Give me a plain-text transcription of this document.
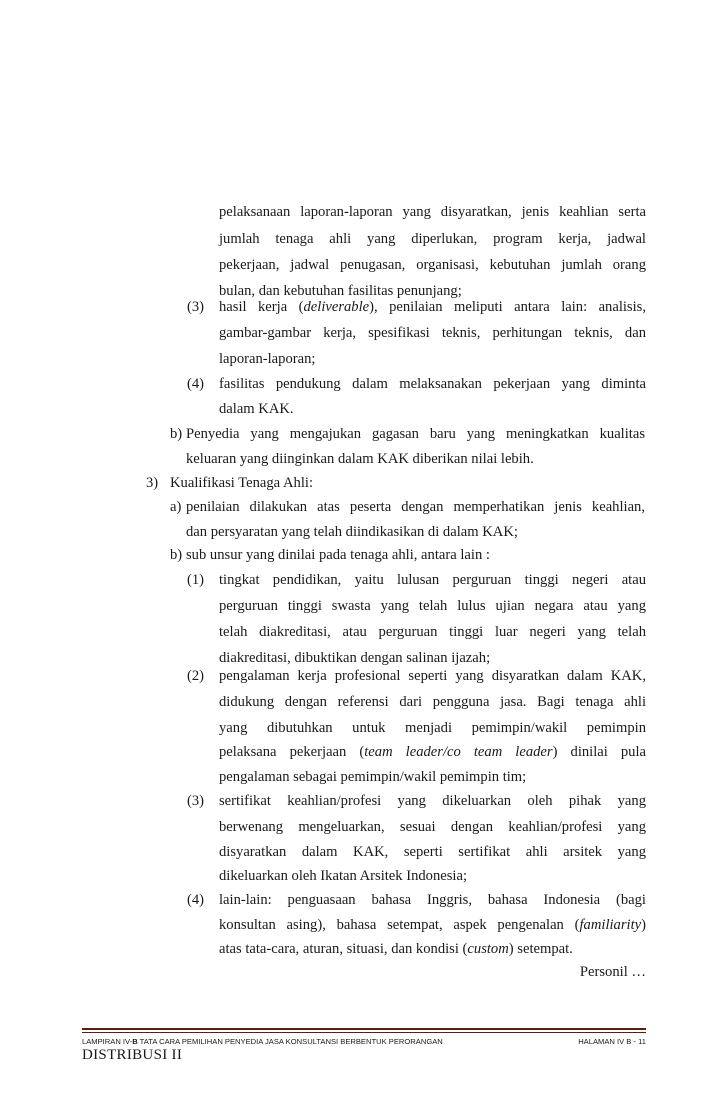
pelaksanaan laporan-laporan yang disyaratkan, jenis keahlian serta
jumlah tenaga ahli yang diperlukan, program kerja, jadwal
pekerjaan, jadwal penugasan, organisasi, kebutuhan jumlah orang
bulan, dan kebutuhan fasilitas penunjang;
(3) hasil kerja (deliverable), penilaian meliputi antara lain: analisis,
gambar-gambar kerja, spesifikasi teknis, perhitungan teknis, dan
laporan-laporan;
(4) fasilitas pendukung dalam melaksanakan pekerjaan yang diminta
dalam KAK.
b) Penyedia yang mengajukan gagasan baru yang meningkatkan kualitas
keluaran yang diinginkan dalam KAK diberikan nilai lebih.
3) Kualifikasi Tenaga Ahli:
a) penilaian dilakukan atas peserta dengan memperhatikan jenis keahlian,
dan persyaratan yang telah diindikasikan di dalam KAK;
b) sub unsur yang dinilai pada tenaga ahli, antara lain :
(1) tingkat pendidikan, yaitu lulusan perguruan tinggi negeri atau
perguruan tinggi swasta yang telah lulus ujian negara atau yang
telah diakreditasi, atau perguruan tinggi luar negeri yang telah
diakreditasi, dibuktikan dengan salinan ijazah;
(2) pengalaman kerja profesional seperti yang disyaratkan dalam KAK,
didukung dengan referensi dari pengguna jasa. Bagi tenaga ahli
yang dibutuhkan untuk menjadi pemimpin/wakil pemimpin
pelaksana pekerjaan (team leader/co team leader) dinilai pula
pengalaman sebagai pemimpin/wakil pemimpin tim;
(3) sertifikat keahlian/profesi yang dikeluarkan oleh pihak yang
berwenang mengeluarkan, sesuai dengan keahlian/profesi yang
disyaratkan dalam KAK, seperti sertifikat ahli arsitek yang
dikeluarkan oleh Ikatan Arsitek Indonesia;
(4) lain-lain: penguasaan bahasa Inggris, bahasa Indonesia (bagi
konsultan asing), bahasa setempat, aspek pengenalan (familiarity)
atas tata-cara, aturan, situasi, dan kondisi (custom) setempat.
Personil …
LAMPIRAN IV-B TATA CARA PEMILIHAN PENYEDIA JASA KONSULTANSI BERBENTUK PERORANGAN	HALAMAN IV B - 11
DISTRIBUSI II
